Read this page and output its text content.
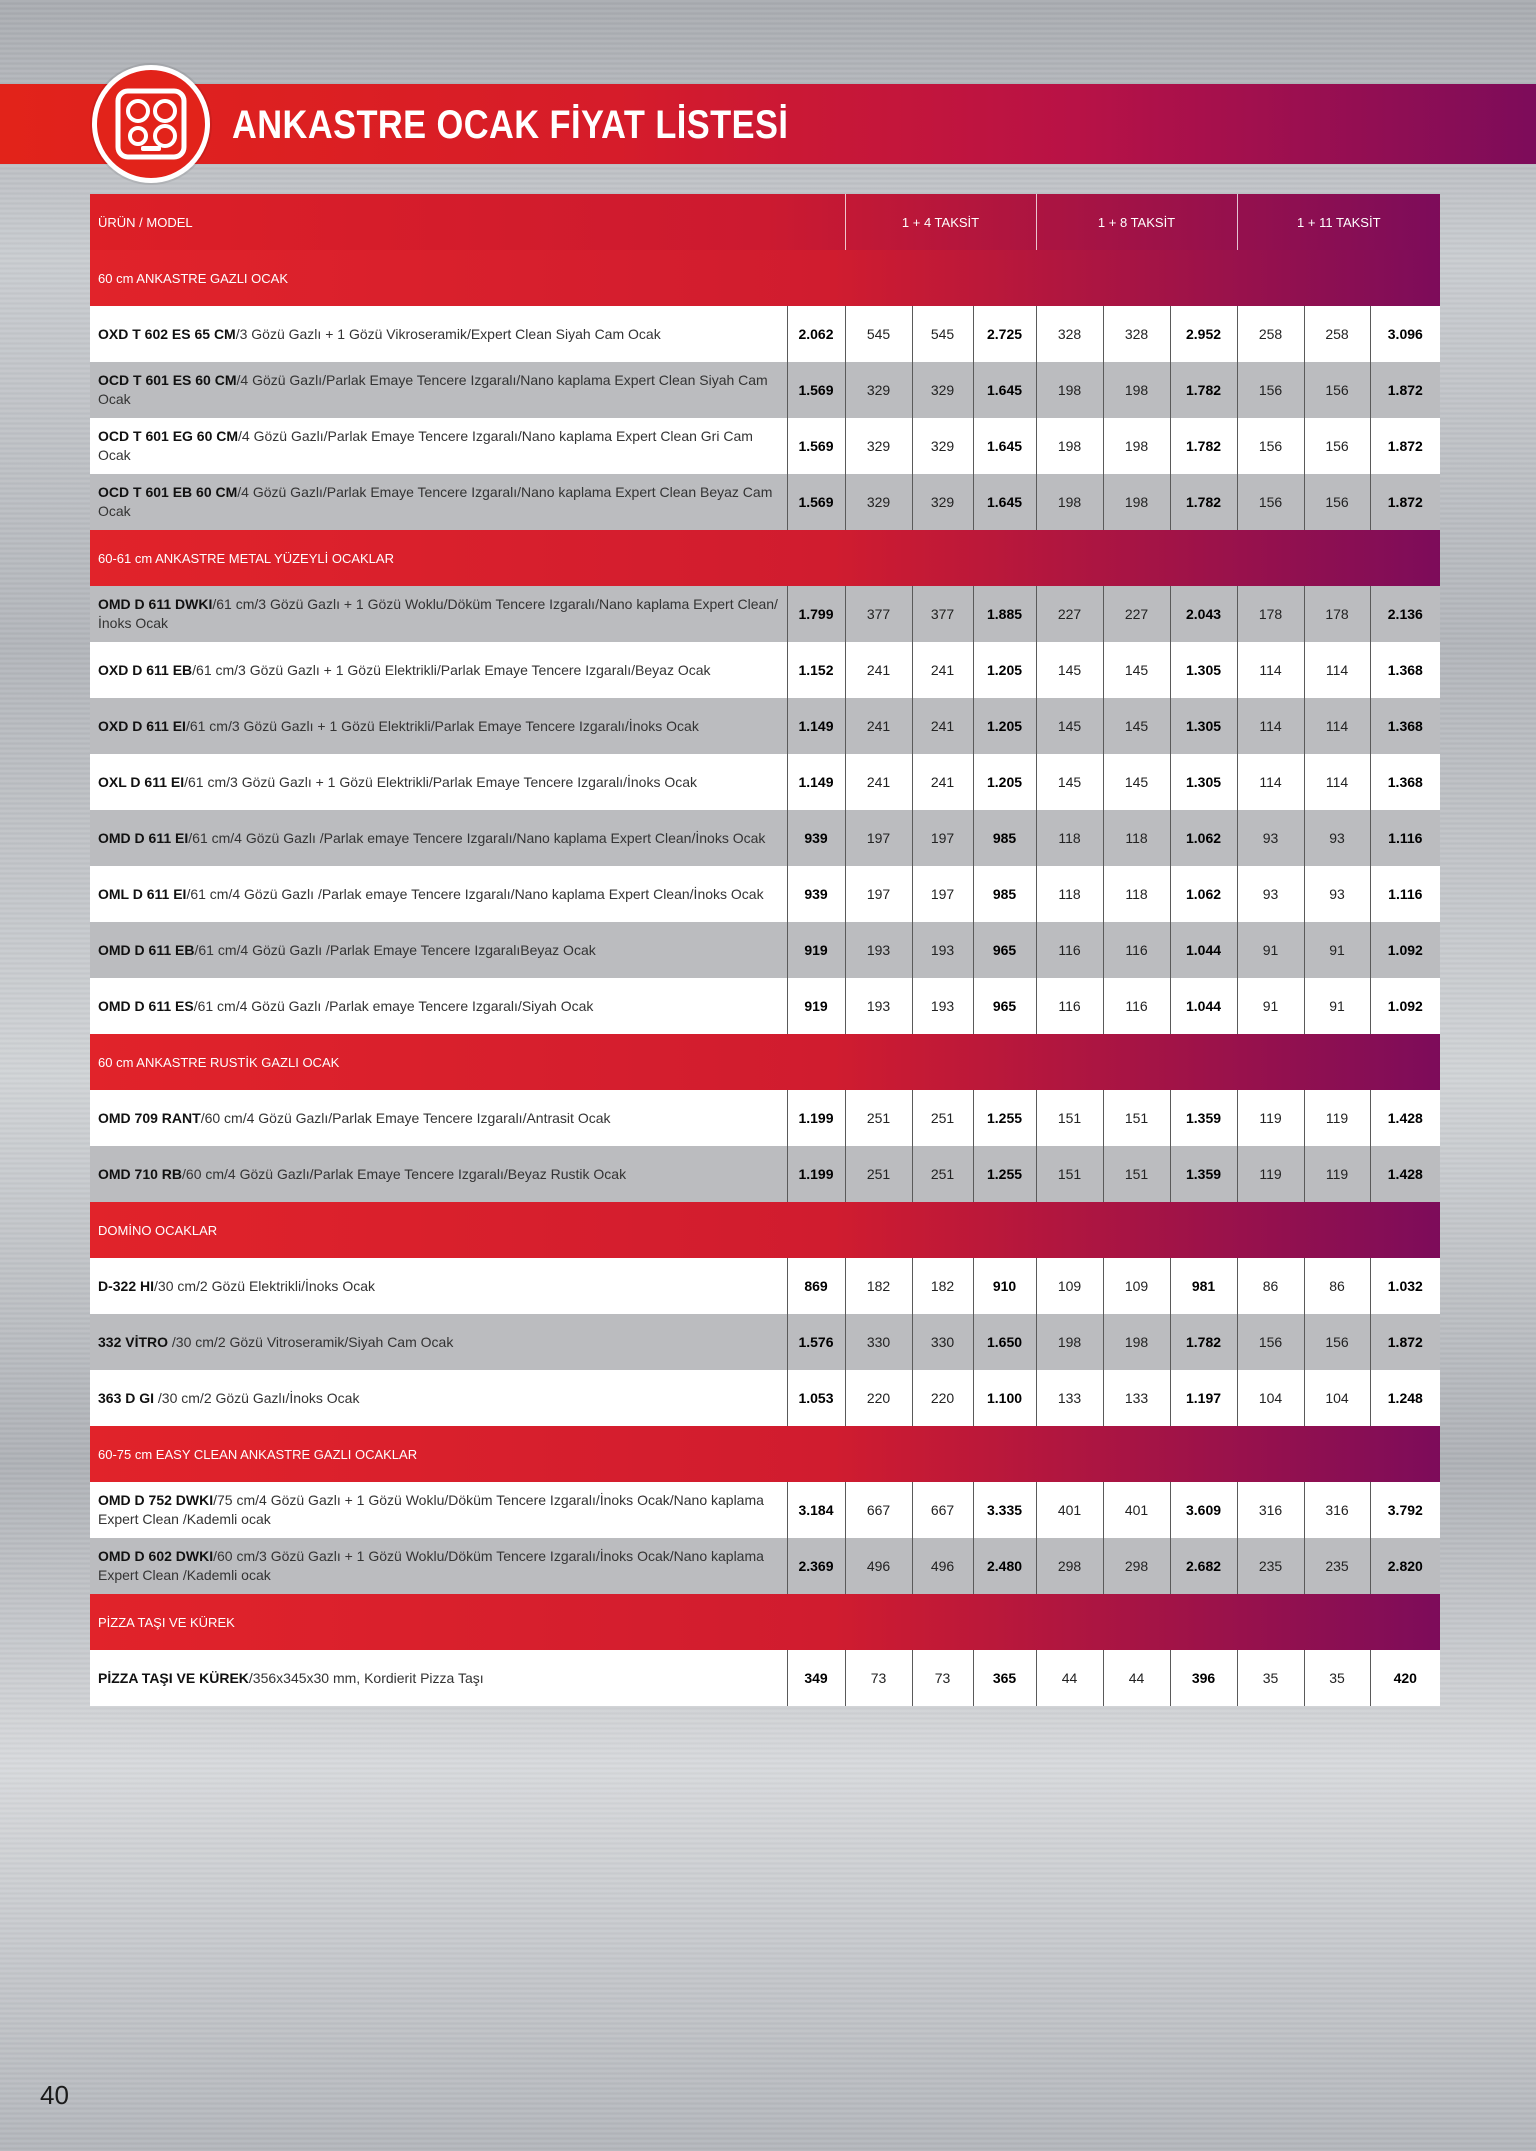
ANKASTRE OCAK FİYAT LİSTESİ
ÜRÜN / MODEL		1 + 4 TAKSİT			1 + 8 TAKSİT			1 + 11 TAKSİT		
60 cm ANKASTRE GAZLI OCAK										
OXD T 602 ES 65 CM/3 Gözü Gazlı + 1 Gözü Vikroseramik/Expert Clean Siyah Cam Ocak	2.062	545	545	2.725	328	328	2.952	258	258	3.096
OCD T 601 ES 60 CM/4 Gözü Gazlı/Parlak Emaye Tencere Izgaralı/Nano kaplama Expert Clean Siyah Cam Ocak	1.569	329	329	1.645	198	198	1.782	156	156	1.872
OCD T 601 EG 60 CM/4 Gözü Gazlı/Parlak Emaye Tencere Izgaralı/Nano kaplama Expert Clean Gri Cam Ocak	1.569	329	329	1.645	198	198	1.782	156	156	1.872
OCD T 601 EB 60 CM/4 Gözü Gazlı/Parlak Emaye Tencere Izgaralı/Nano kaplama Expert Clean Beyaz Cam Ocak	1.569	329	329	1.645	198	198	1.782	156	156	1.872
60-61 cm ANKASTRE METAL YÜZEYLİ OCAKLAR										
OMD D 611 DWKI/61 cm/3 Gözü Gazlı + 1 Gözü Woklu/Döküm Tencere Izgaralı/Nano kaplama Expert Clean/ İnoks Ocak	1.799	377	377	1.885	227	227	2.043	178	178	2.136
OXD D 611 EB/61 cm/3 Gözü Gazlı + 1 Gözü Elektrikli/Parlak Emaye Tencere Izgaralı/Beyaz Ocak	1.152	241	241	1.205	145	145	1.305	114	114	1.368
OXD D 611 EI/61 cm/3 Gözü Gazlı + 1 Gözü Elektrikli/Parlak Emaye Tencere Izgaralı/İnoks Ocak	1.149	241	241	1.205	145	145	1.305	114	114	1.368
OXL D 611 EI/61 cm/3 Gözü Gazlı + 1 Gözü Elektrikli/Parlak Emaye Tencere Izgaralı/İnoks Ocak	1.149	241	241	1.205	145	145	1.305	114	114	1.368
OMD D 611 EI/61 cm/4 Gözü Gazlı /Parlak emaye Tencere Izgaralı/Nano kaplama Expert Clean/İnoks Ocak	939	197	197	985	118	118	1.062	93	93	1.116
OML D 611 EI/61 cm/4 Gözü Gazlı /Parlak emaye Tencere Izgaralı/Nano kaplama Expert Clean/İnoks Ocak	939	197	197	985	118	118	1.062	93	93	1.116
OMD D 611 EB/61 cm/4 Gözü Gazlı /Parlak Emaye Tencere IzgaralıBeyaz Ocak	919	193	193	965	116	116	1.044	91	91	1.092
OMD D 611 ES/61 cm/4 Gözü Gazlı /Parlak emaye Tencere Izgaralı/Siyah Ocak	919	193	193	965	116	116	1.044	91	91	1.092
60 cm ANKASTRE RUSTİK GAZLI OCAK										
OMD 709 RANT/60 cm/4 Gözü Gazlı/Parlak Emaye Tencere Izgaralı/Antrasit Ocak	1.199	251	251	1.255	151	151	1.359	119	119	1.428
OMD 710 RB/60 cm/4 Gözü Gazlı/Parlak Emaye Tencere Izgaralı/Beyaz Rustik Ocak	1.199	251	251	1.255	151	151	1.359	119	119	1.428
DOMİNO OCAKLAR										
D-322 HI/30 cm/2 Gözü Elektrikli/İnoks Ocak	869	182	182	910	109	109	981	86	86	1.032
332 VİTRO /30 cm/2 Gözü Vitroseramik/Siyah Cam Ocak	1.576	330	330	1.650	198	198	1.782	156	156	1.872
363 D GI /30 cm/2 Gözü Gazlı/İnoks Ocak	1.053	220	220	1.100	133	133	1.197	104	104	1.248
60-75 cm EASY CLEAN ANKASTRE GAZLI OCAKLAR										
OMD D 752 DWKI/75 cm/4 Gözü Gazlı + 1 Gözü Woklu/Döküm Tencere Izgaralı/İnoks Ocak/Nano kaplama Expert Clean /Kademli ocak	3.184	667	667	3.335	401	401	3.609	316	316	3.792
OMD D 602 DWKI/60 cm/3 Gözü Gazlı + 1 Gözü Woklu/Döküm Tencere Izgaralı/İnoks Ocak/Nano kaplama Expert Clean /Kademli ocak	2.369	496	496	2.480	298	298	2.682	235	235	2.820
PİZZA TAŞI VE KÜREK										
PİZZA TAŞI VE KÜREK/356x345x30 mm, Kordierit Pizza Taşı	349	73	73	365	44	44	396	35	35	420
40
